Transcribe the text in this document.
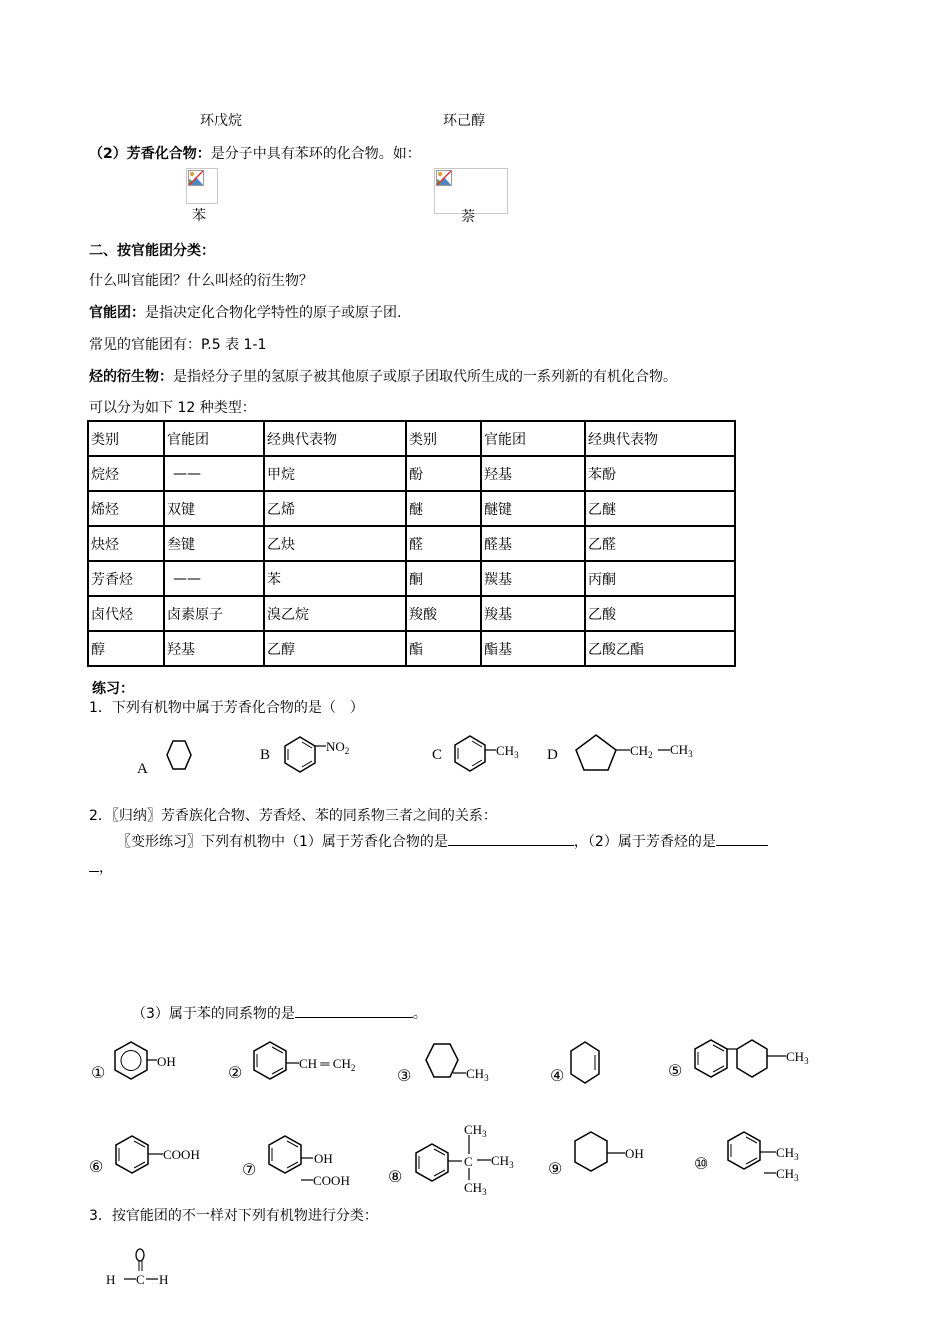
环戊烷	环己醇
（2）芳香化合物：是分子中具有苯环的化合物。如：
苯	萘
二、按官能团分类：
什么叫官能团？什么叫烃的衍生物？
官能团：是指决定化合物化学特性的原子或原子团.
常见的官能团有：P.5 表 1-1
烃的衍生物：是指烃分子里的氢原子被其他原子或原子团取代所生成的一系列新的有机化合物。
可以分为如下 12 种类型：
类别	官能团	经典代表物	类别	官能团	经典代表物
烷烃	——	甲烷	酚	羟基	苯酚
烯烃	双键	乙烯	醚	醚键	乙醚
炔烃	叁键	乙炔	醛	醛基	乙醛
芳香烃	——	苯	酮	羰基	丙酮
卤代烃	卤素原子	溴乙烷	羧酸	羧基	乙酸
醇	羟基	乙醇	酯	酯基	乙酸乙酯
练习：
1．下列有机物中属于芳香化合物的是（　）
A
B
$NO_2$	C	$CH_3$ D	$CH_2$ $CH_3$
2．〖归纳〗芳香族化合物、芳香烃、苯的同系物三者之间的关系：
〖变形练习〗下列有机物中（1）属于芳香化合物的是	，（2）属于芳香烃的是
，
（3）属于苯的同系物的是	。
①
OH
②
CH ═ $CH_2$	③	$CH_3$	④	⑤
$CH_3$
⑥
COOH
⑦
OH
COOH ⑧
$CH_3$
C $CH_3$
$CH_3$
⑨
OH
⑩
$CH_3$
$CH_3$
3．按官能团的不一样对下列有机物进行分类：
H C H
